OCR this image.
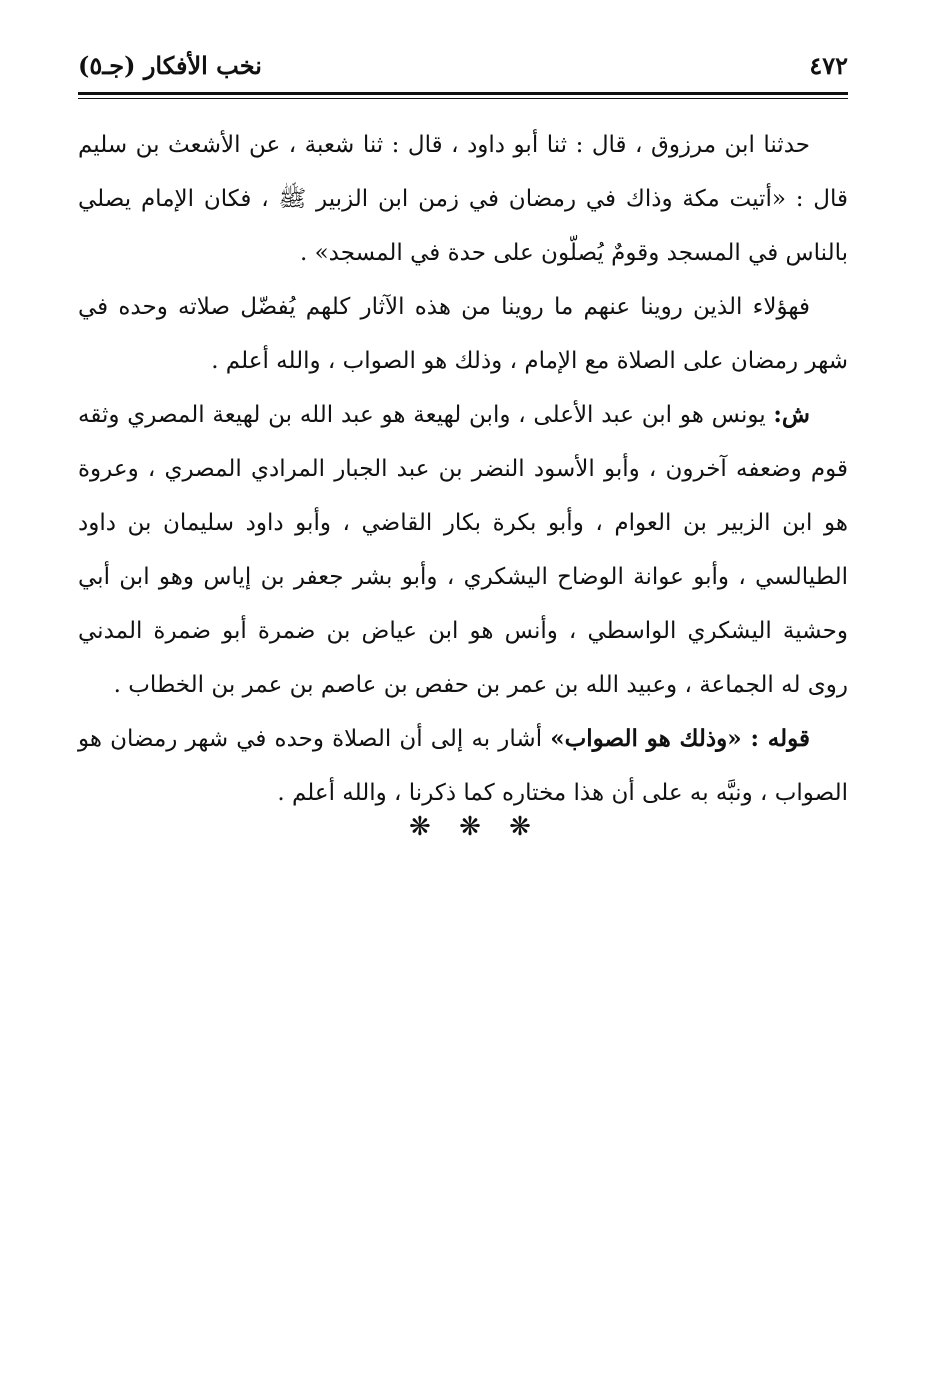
٤٧٢
نخب الأفكار (جـ٥)

حدثنا ابن مرزوق ، قال : ثنا أبو داود ، قال : ثنا شعبة ، عن الأشعث بن سليم قال : «أتيت مكة وذاك في رمضان في زمن ابن الزبير ﷺ ، فكان الإمام يصلي بالناس في المسجد وقومٌ يُصلّون على حدة في المسجد» .

فهؤلاء الذين روينا عنهم ما روينا من هذه الآثار كلهم يُفضّل صلاته وحده في شهر رمضان على الصلاة مع الإمام ، وذلك هو الصواب ، والله أعلم .

ش: يونس هو ابن عبد الأعلى ، وابن لهيعة هو عبد الله بن لهيعة المصري وثقه قوم وضعفه آخرون ، وأبو الأسود النضر بن عبد الجبار المرادي المصري ، وعروة هو ابن الزبير بن العوام ، وأبو بكرة بكار القاضي ، وأبو داود سليمان بن داود الطيالسي ، وأبو عوانة الوضاح اليشكري ، وأبو بشر جعفر بن إياس وهو ابن أبي وحشية اليشكري الواسطي ، وأنس هو ابن عياض بن ضمرة أبو ضمرة المدني روى له الجماعة ، وعبيد الله بن عمر بن حفص بن عاصم بن عمر بن الخطاب .

قوله : «وذلك هو الصواب» أشار به إلى أن الصلاة وحده في شهر رمضان هو الصواب ، ونبَّه به على أن هذا مختاره كما ذكرنا ، والله أعلم .

❋ ❋ ❋
